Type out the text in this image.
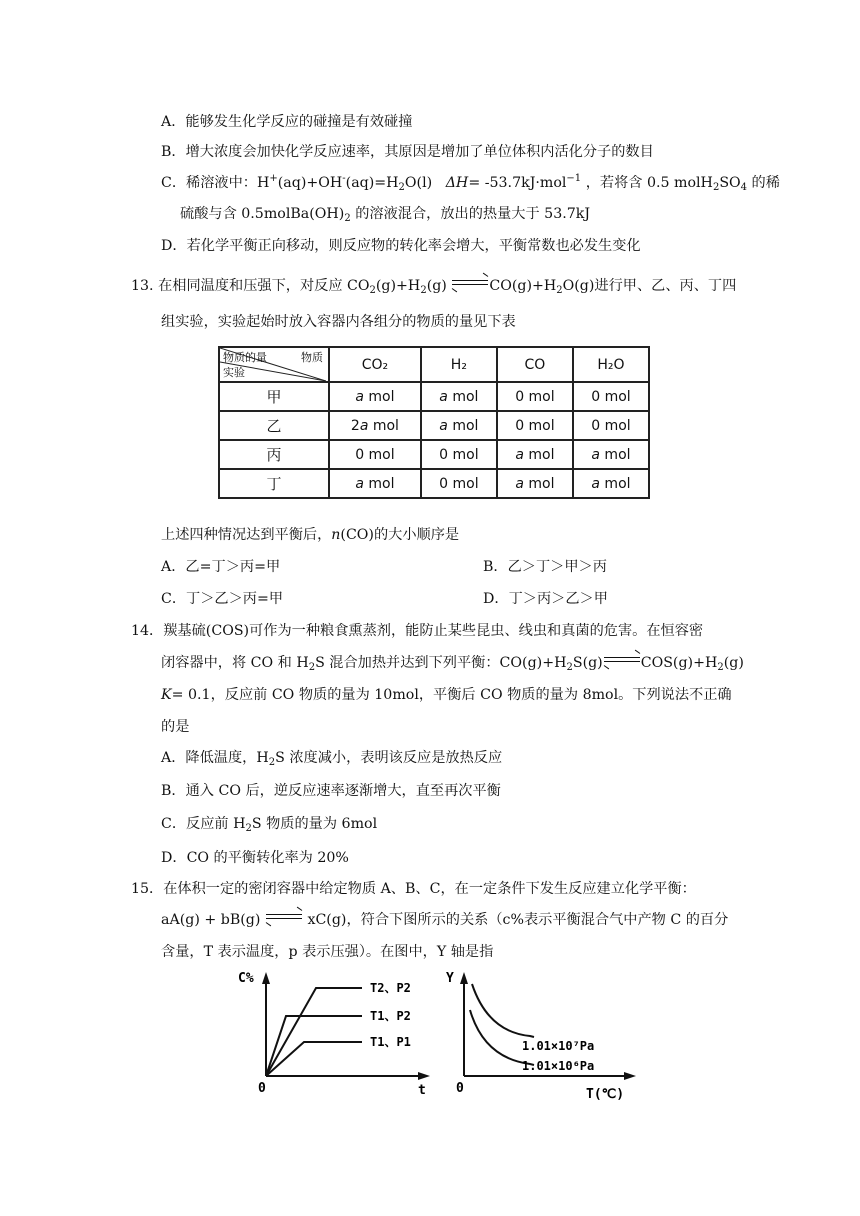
A．能够发生化学反应的碰撞是有效碰撞
B．增大浓度会加快化学反应速率，其原因是增加了单位体积内活化分子的数目
C．稀溶液中：$H^+(aq)+OH^-(aq)=H_2O(l)$ ΔH= -53.7kJ·mol$^{-1}$ ，若将含 0.5 $molH_2SO_4$ 的稀
硫酸与含 $0.5molBa(OH)_2$ 的溶液混合，放出的热量大于 53.7kJ
D．若化学平衡正向移动，则反应物的转化率会增大，平衡常数也必发生变化
13. 在相同温度和压强下，对反应 $CO_2(g)+H_2(g)$	$CO(g)+H_2O(g)$进行甲、乙、丙、丁四
组实验，实验起始时放入容器内各组分的物质的量见下表
物质的量 物质
实验	CO₂	H₂	CO	H₂O
甲	a mol	a mol	0 mol	0 mol
乙	2a mol	a mol	0 mol	0 mol
丙	0 mol	0 mol	a mol	a mol
丁	a mol	0 mol	a mol	a mol
上述四种情况达到平衡后，n(CO)的大小顺序是
A．乙=丁＞丙=甲	B．乙＞丁＞甲＞丙
C．丁＞乙＞丙=甲	D．丁＞丙＞乙＞甲
14．羰基硫(COS)可作为一种粮食熏蒸剂，能防止某些昆虫、线虫和真菌的危害。在恒容密
闭容器中，将 CO 和 $H_2S$ 混合加热并达到下列平衡：$CO(g)+H_2S(g)$	$COS(g)+H_2(g)$
K= 0.1，反应前 CO 物质的量为 10mol，平衡后 CO 物质的量为 8mol。下列说法不正确
的是
A．降低温度，$H_2S$ 浓度减小，表明该反应是放热反应
B．通入 CO 后，逆反应速率逐渐增大，直至再次平衡
C．反应前 $H_2S$ 物质的量为 6mol
D．CO 的平衡转化率为 20%
15．在体积一定的密闭容器中给定物质 A、B、C，在一定条件下发生反应建立化学平衡：
aA(g) + bB(g)	xC(g)，符合下图所示的关系（c%表示平衡混合气中产物 C 的百分
含量，T 表示温度，p 表示压强）。在图中，Y 轴是指
C%
t
0
T2、P2
T1、P2
T1、P1
Y
T(℃)
0
1.01×10⁷Pa
1.01×10⁶Pa
